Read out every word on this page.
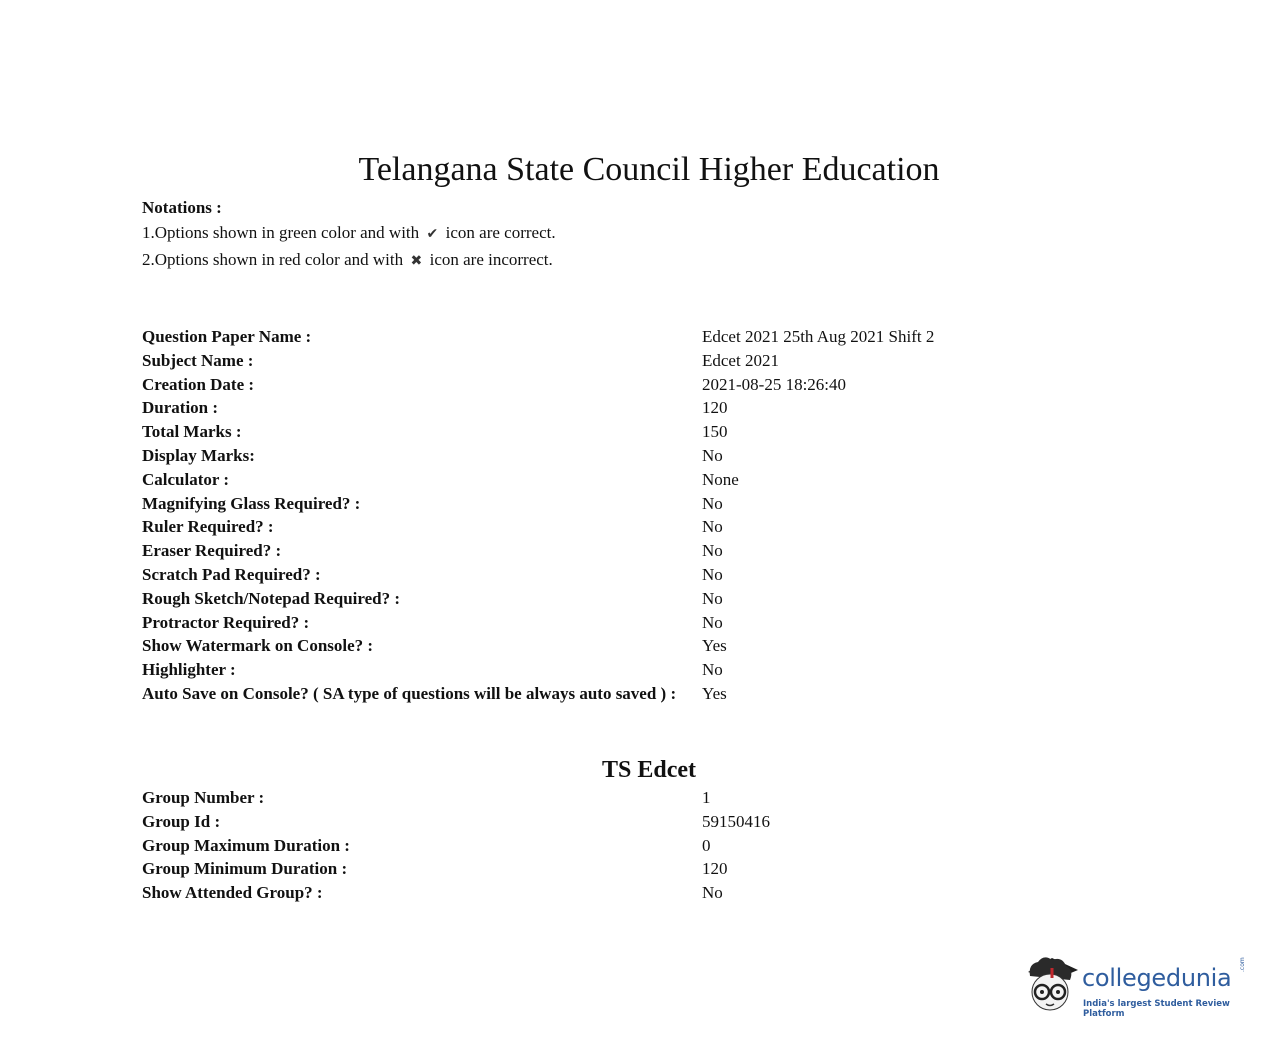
Telangana State Council Higher Education
Notations :
1.Options shown in green color and with ✔ icon are correct.
2.Options shown in red color and with ✖ icon are incorrect.
Question Paper Name :	Edcet 2021 25th Aug 2021 Shift 2
Subject Name :	Edcet 2021
Creation Date :	2021-08-25 18:26:40
Duration :	120
Total Marks :	150
Display Marks:	No
Calculator :	None
Magnifying Glass Required? :	No
Ruler Required? :	No
Eraser Required? :	No
Scratch Pad Required? :	No
Rough Sketch/Notepad Required? :	No
Protractor Required? :	No
Show Watermark on Console? :	Yes
Highlighter :	No
Auto Save on Console? ( SA type of questions will be always auto saved ) : Yes
TS Edcet
Group Number :	1
Group Id :	59150416
Group Maximum Duration :	0
Group Minimum Duration :	120
Show Attended Group? :	No
collegedunia .com
India's largest Student Review Platform
